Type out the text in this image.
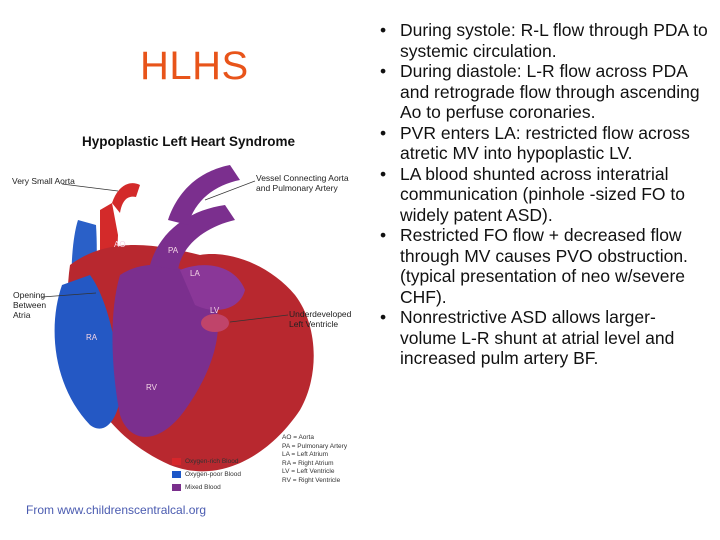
HLHS
Hypoplastic Left Heart Syndrome
Very Small Aorta	Vessel Connecting Aorta
and Pulmonary Artery
Opening
Between
Atria	Underdeveloped
Left Ventricle
AO
PA
LA
LV
RA
RV
AO = Aorta
PA = Pulmonary Artery
LA = Left Atrium
RA = Right Atrium
LV = Left Ventricle
RV = Right Ventricle
Oxygen-rich Blood
Oxygen-poor Blood
Mixed Blood
From www.childrenscentralcal.org
• During systole: R-L flow through PDA to systemic circulation.
• During diastole: L-R flow across PDA and retrograde flow through ascending Ao to perfuse coronaries.
• PVR enters LA: restricted flow across atretic MV into hypoplastic LV.
• LA blood shunted across interatrial communication (pinhole -sized FO to widely patent ASD).
• Restricted FO flow + decreased flow through MV causes PVO obstruction. (typical presentation of neo w/severe CHF).
• Nonrestrictive ASD allows larger-volume L-R shunt at atrial level and increased pulm artery BF.
